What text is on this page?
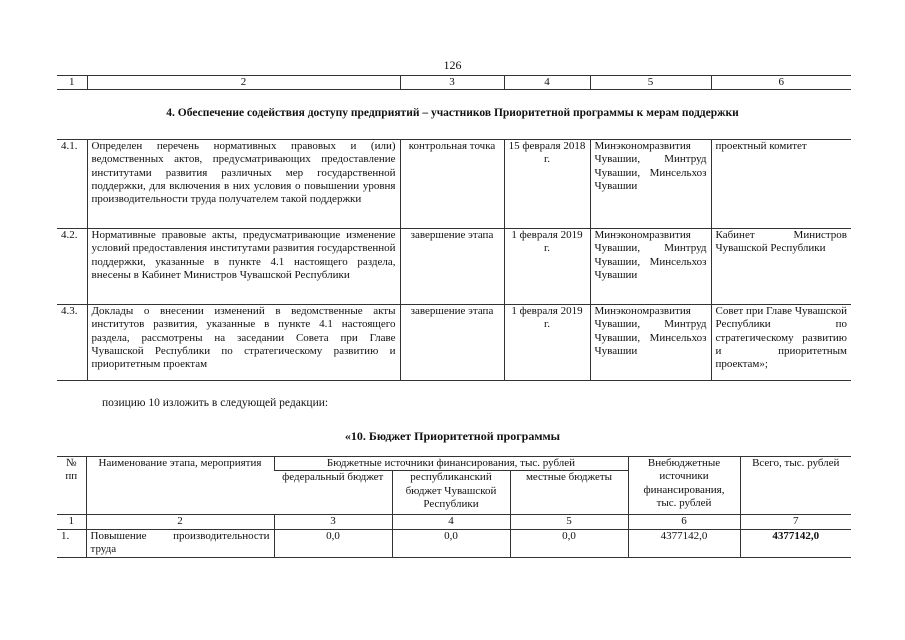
126
1	2	3	4	5	6
4. Обеспечение содействия доступу предприятий – участников Приоритетной программы к мерам поддержки
4.1.	Определен перечень нормативных правовых и (или) ведомственных актов, предусматривающих предоставление институтами развития различных мер государственной поддержки, для включения в них условия о повышении уровня производительности труда получателем такой поддержки	контрольная точка	15 февраля 2018 г.	Минэкономразвития Чувашии, Минтруд Чувашии, Минсельхоз Чувашии	проектный комитет
4.2.	Нормативные правовые акты, предусматривающие изменение условий предоставления институтами развития государственной поддержки, указанные в пункте 4.1 настоящего раздела, внесены в Кабинет Министров Чувашской Республики	завершение этапа	1 февраля 2019 г.	Минэкономразвития Чувашии, Минтруд Чувашии, Минсельхоз Чувашии	Кабинет Министров Чувашской Республики
4.3.	Доклады о внесении изменений в ведомственные акты институтов развития, указанные в пункте 4.1 настоящего раздела, рассмотрены на заседании Совета при Главе Чувашской Республики по стратегическому развитию и приоритетным проектам	завершение этапа	1 февраля 2019 г.	Минэкономразвития Чувашии, Минтруд Чувашии, Минсельхоз Чувашии	Совет при Главе Чувашской Республики по стратегическому развитию и приоритетным проектам»;
позицию 10 изложить в следующей редакции:
«10. Бюджет Приоритетной программы
№ пп	Наименование этапа, мероприятия	Бюджетные источники финансирования, тыс. рублей			Внебюджетные источники финансирования, тыс. рублей	Всего, тыс. рублей
		федеральный бюджет	республиканский бюджет Чувашской Республики	местные бюджеты		
1	2	3	4	5	6	7
1.	Повышение производительности труда	0,0	0,0	0,0	4377142,0	4377142,0
